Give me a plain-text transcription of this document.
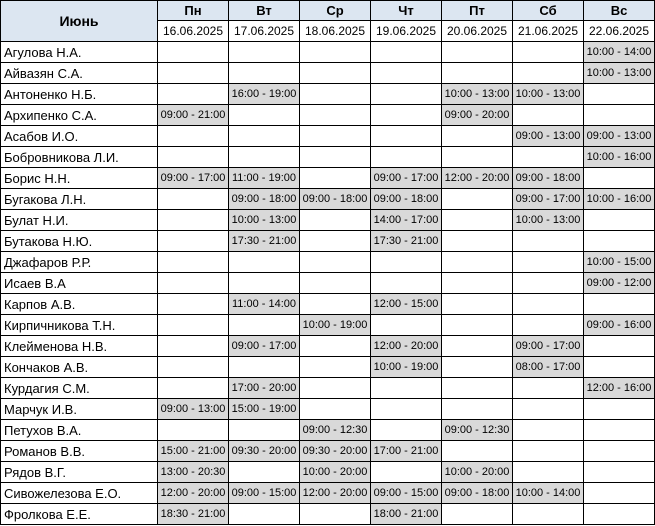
Июнь	Пн	Вт	Ср	Чт	Пт	Сб	Вс
	16.06.2025	17.06.2025	18.06.2025	19.06.2025	20.06.2025	21.06.2025	22.06.2025
Агулова Н.А.							10:00 - 14:00
Айвазян С.А.							10:00 - 13:00
Антоненко Н.Б.		16:00 - 19:00			10:00 - 13:00	10:00 - 13:00	
Архипенко С.А.	09:00 - 21:00				09:00 - 20:00		
Асабов И.О.						09:00 - 13:00	09:00 - 13:00
Бобровникова Л.И.							10:00 - 16:00
Борис Н.Н.	09:00 - 17:00	11:00 - 19:00		09:00 - 17:00	12:00 - 20:00	09:00 - 18:00	
Бугакова Л.Н.		09:00 - 18:00	09:00 - 18:00	09:00 - 18:00		09:00 - 17:00	10:00 - 16:00
Булат Н.И.		10:00 - 13:00		14:00 - 17:00		10:00 - 13:00	
Бутакова Н.Ю.		17:30 - 21:00		17:30 - 21:00			
Джафаров Р.Р.							10:00 - 15:00
Исаев В.А							09:00 - 12:00
Карпов А.В.		11:00 - 14:00		12:00 - 15:00			
Кирпичникова Т.Н.			10:00 - 19:00				09:00 - 16:00
Клейменова Н.В.		09:00 - 17:00		12:00 - 20:00		09:00 - 17:00	
Кончаков А.В.				10:00 - 19:00		08:00 - 17:00	
Курдагия С.М.		17:00 - 20:00					12:00 - 16:00
Марчук И.В.	09:00 - 13:00	15:00 - 19:00					
Петухов В.А.			09:00 - 12:30		09:00 - 12:30		
Романов В.В.	15:00 - 21:00	09:30 - 20:00	09:30 - 20:00	17:00 - 21:00			
Рядов В.Г.	13:00 - 20:30		10:00 - 20:00		10:00 - 20:00		
Сивожелезова Е.О.	12:00 - 20:00	09:00 - 15:00	12:00 - 20:00	09:00 - 15:00	09:00 - 18:00	10:00 - 14:00	
Фролкова Е.Е.	18:30 - 21:00			18:00 - 21:00			
